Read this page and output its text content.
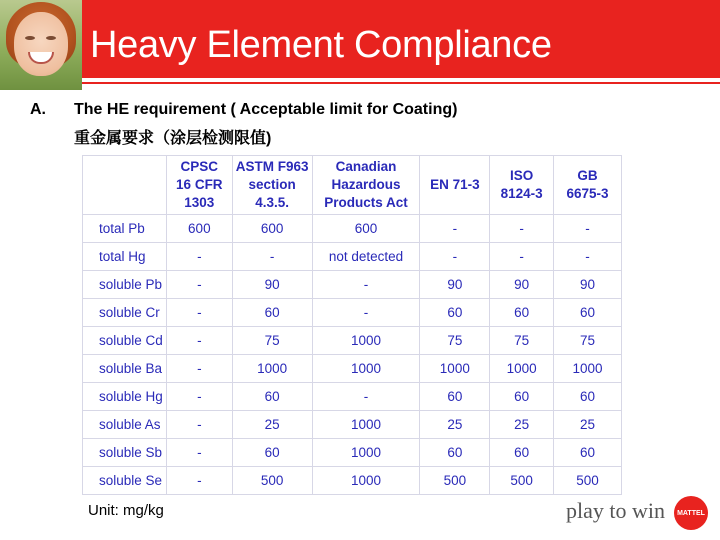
Heavy Element Compliance
A. The HE requirement ( Acceptable limit for Coating)
重金属要求（涂层检测限值)
	CPSC
16 CFR
1303	ASTM F963
section
4.3.5.	Canadian
Hazardous
Products Act	EN 71-3	ISO
8124-3	GB
6675-3
total Pb	600	600	600	-	-	-
total Hg	-	-	not detected	-	-	-
soluble Pb	-	90	-	90	90	90
soluble Cr	-	60	-	60	60	60
soluble Cd	-	75	1000	75	75	75
soluble Ba	-	1000	1000	1000	1000	1000
soluble Hg	-	60	-	60	60	60
soluble As	-	25	1000	25	25	25
soluble Sb	-	60	1000	60	60	60
soluble Se	-	500	1000	500	500	500
Unit: mg/kg	play to win	MATTEL
